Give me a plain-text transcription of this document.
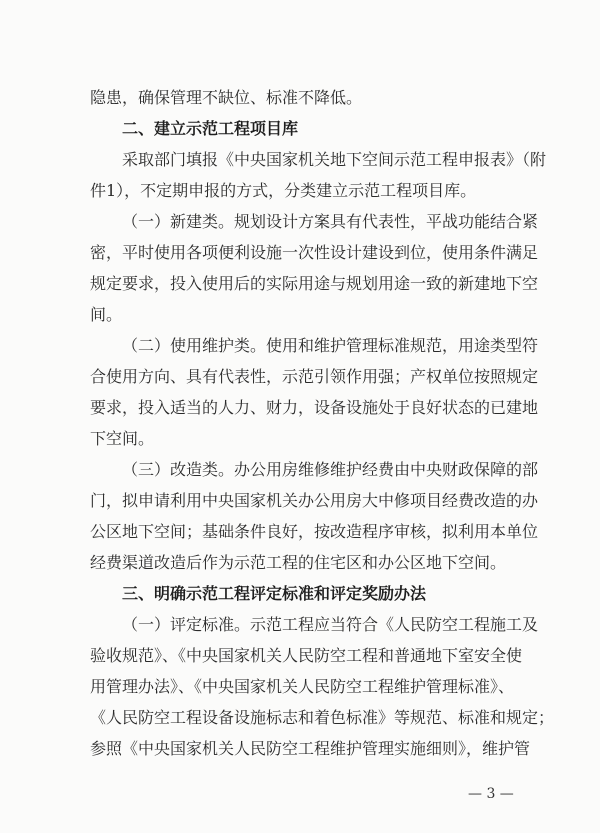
隐患，确保管理不缺位、标准不降低。
二、建立示范工程项目库
采取部门填报《中央国家机关地下空间示范工程申报表》（附
件1），不定期申报的方式，分类建立示范工程项目库。
（一）新建类。规划设计方案具有代表性，平战功能结合紧
密，平时使用各项便利设施一次性设计建设到位，使用条件满足
规定要求，投入使用后的实际用途与规划用途一致的新建地下空
间。
（二）使用维护类。使用和维护管理标准规范，用途类型符
合使用方向、具有代表性，示范引领作用强；产权单位按照规定
要求，投入适当的人力、财力，设备设施处于良好状态的已建地
下空间。
（三）改造类。办公用房维修维护经费由中央财政保障的部
门，拟申请利用中央国家机关办公用房大中修项目经费改造的办
公区地下空间；基础条件良好，按改造程序审核，拟利用本单位
经费渠道改造后作为示范工程的住宅区和办公区地下空间。
三、明确示范工程评定标准和评定奖励办法
（一）评定标准。示范工程应当符合《人民防空工程施工及
验收规范》、《中央国家机关人民防空工程和普通地下室安全使
用管理办法》、《中央国家机关人民防空工程维护管理标准》、
《人民防空工程设备设施标志和着色标准》等规范、标准和规定；
参照《中央国家机关人民防空工程维护管理实施细则》，维护管
— 3 —
